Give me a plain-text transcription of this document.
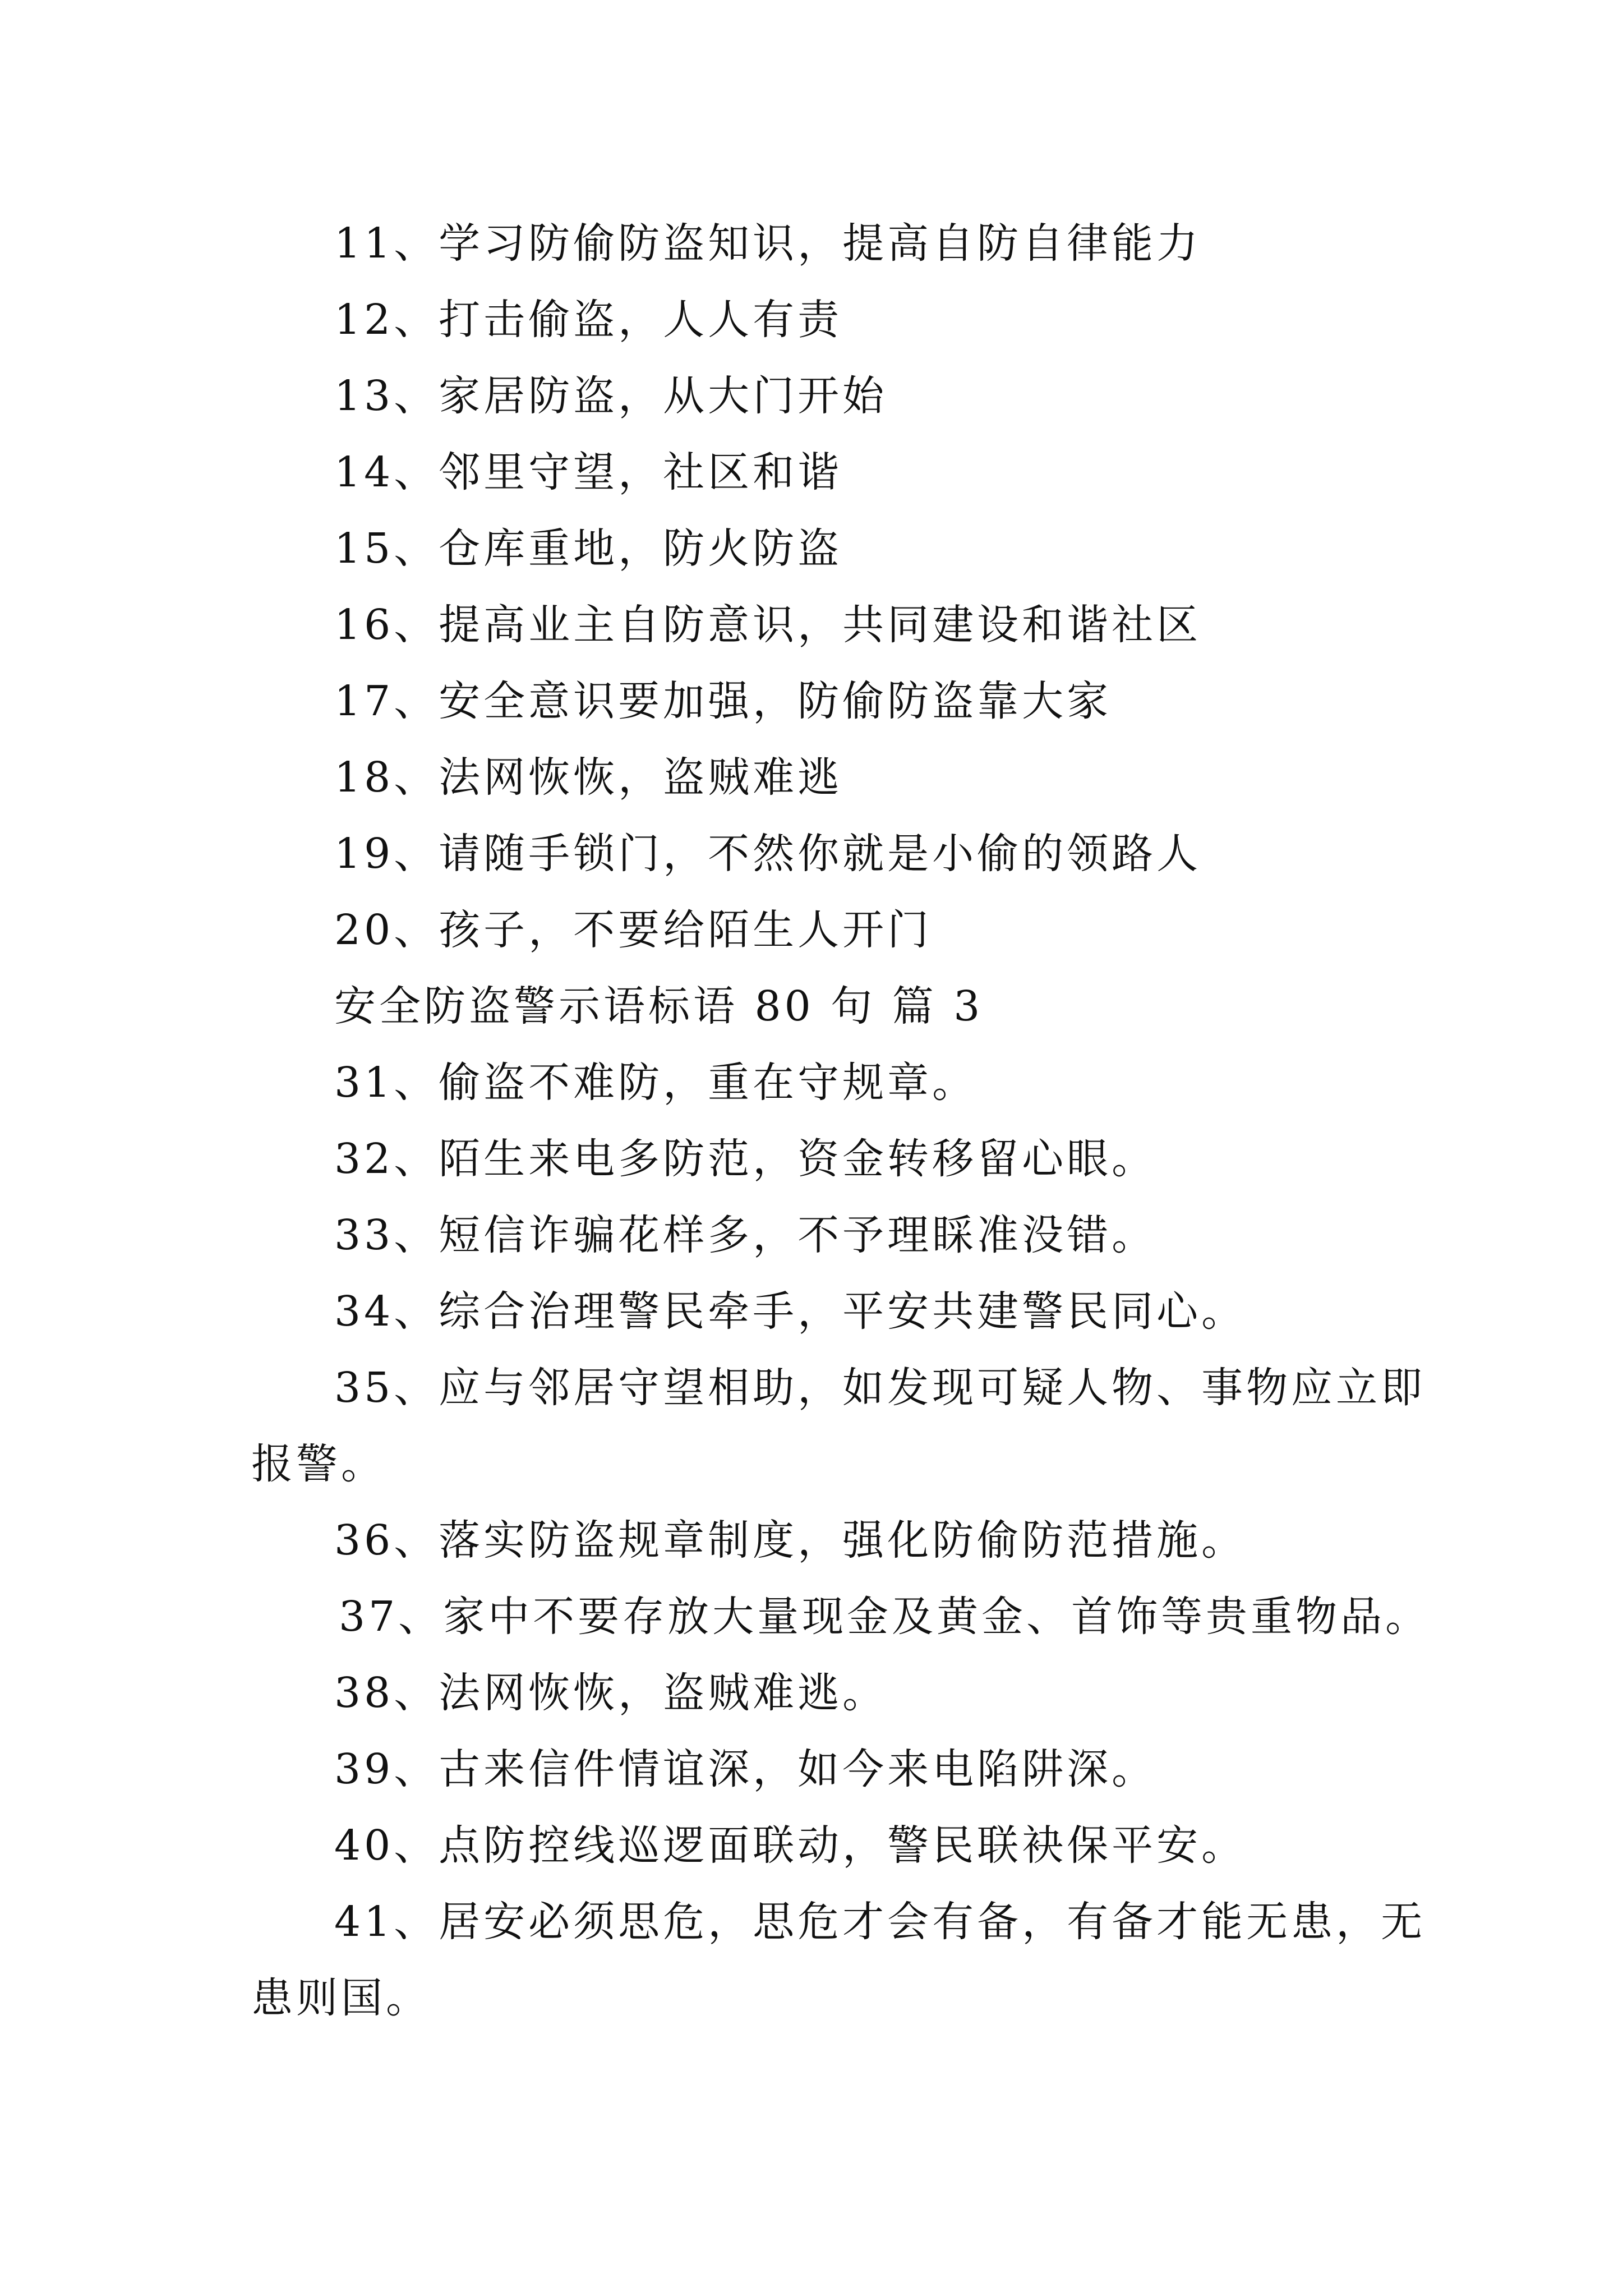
11、学习防偷防盗知识，提高自防自律能力
12、打击偷盗，人人有责
13、家居防盗，从大门开始
14、邻里守望，社区和谐
15、仓库重地，防火防盗
16、提高业主自防意识，共同建设和谐社区
17、安全意识要加强，防偷防盗靠大家
18、法网恢恢，盗贼难逃
19、请随手锁门，不然你就是小偷的领路人
20、孩子，不要给陌生人开门
安全防盗警示语标语 80 句 篇 3
31、偷盗不难防，重在守规章。
32、陌生来电多防范，资金转移留心眼。
33、短信诈骗花样多，不予理睬准没错。
34、综合治理警民牵手，平安共建警民同心。
35、应与邻居守望相助，如发现可疑人物、事物应立即
报警。
36、落实防盗规章制度，强化防偷防范措施。
37、家中不要存放大量现金及黄金、首饰等贵重物品。
38、法网恢恢，盗贼难逃。
39、古来信件情谊深，如今来电陷阱深。
40、点防控线巡逻面联动，警民联袂保平安。
41、居安必须思危，思危才会有备，有备才能无患，无
患则国。
